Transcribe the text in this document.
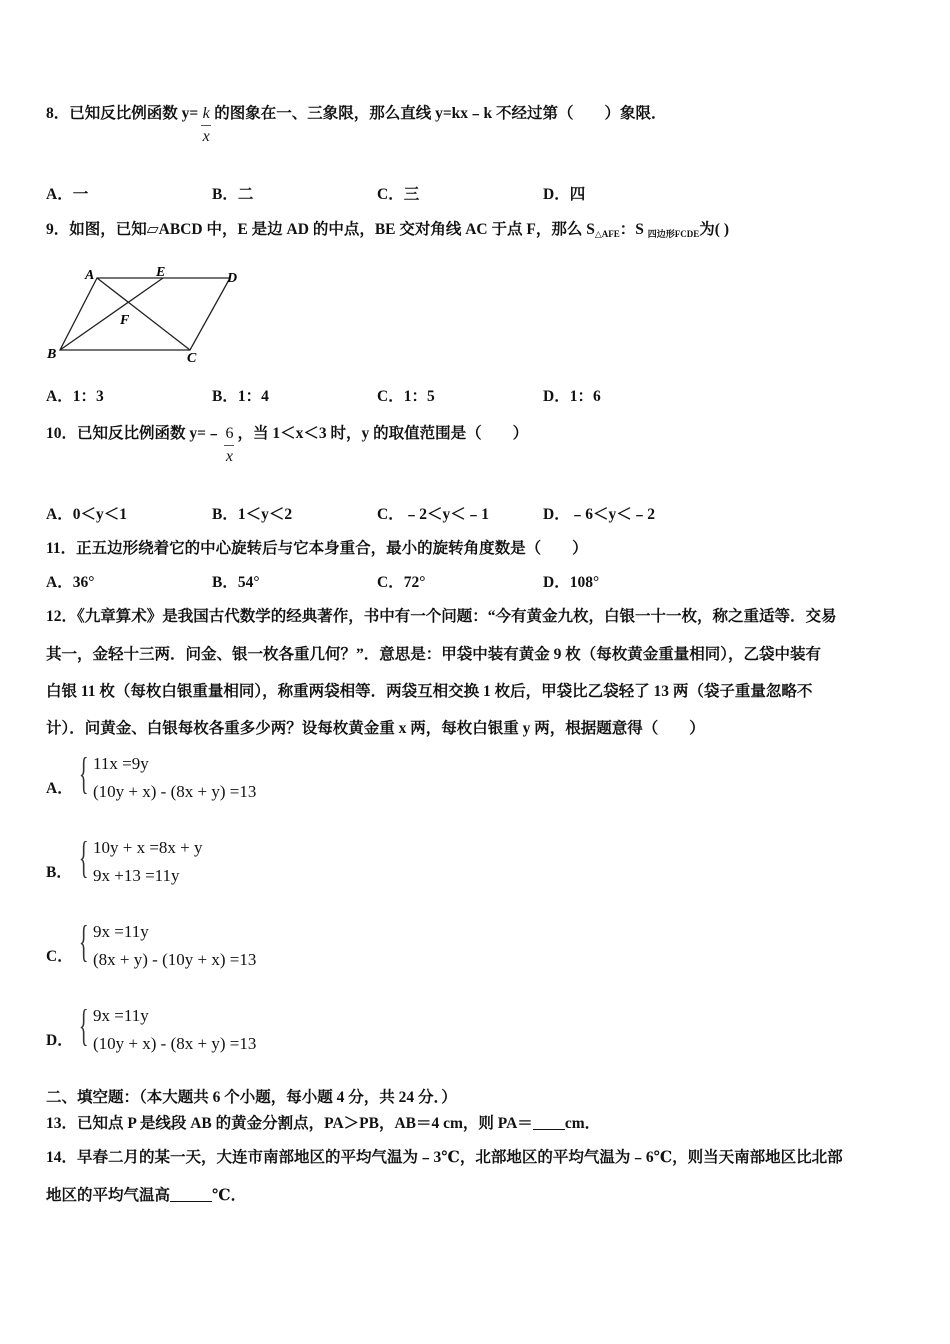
8．已知反比例函数 $y= \frac{k}{x}$ 的图象在一、三象限，那么直线 y=kx﹣k 不经过第（　　）象限．
A．一	B．二	C．三	D．四
9．如图，已知▱ABCD 中，E 是边 AD 的中点，BE 交对角线 AC 于点 F，那么 $S_{\triangle AFE}$：S $_{四边形FCDE}$为( )
A	E	D
F
B	C
A．1：3	B．1：4	C．1：5	D．1：6
10．已知反比例函数 y=﹣ $\frac{6}{x}$ ，当 1＜x＜3 时，y 的取值范围是（　　）
A．0＜y＜1	B．1＜y＜2	C．﹣2＜y＜﹣1	D．﹣6＜y＜﹣2
11．正五边形绕着它的中心旋转后与它本身重合，最小的旋转角度数是（　　）
A．36°	B．54°	C．72°	D．108°
12．《九章算术》是我国古代数学的经典著作，书中有一个问题：“今有黄金九枚，白银一十一枚，称之重适等．交易
其一，金轻十三两．问金、银一枚各重几何？”．意思是：甲袋中装有黄金 9 枚（每枚黄金重量相同），乙袋中装有
白银 11 枚（每枚白银重量相同），称重两袋相等．两袋互相交换 1 枚后，甲袋比乙袋轻了 13 两（袋子重量忽略不
计）．问黄金、白银每枚各重多少两？设每枚黄金重 x 两，每枚白银重 y 两，根据题意得（　　）
A． { 11x =9y
(10y + x) - (8x + y) =13
B． { 10y + x =8x + y
9x +13 =11y
C． { 9x =11y
(8x + y) - (10y + x) =13
D． { 9x =11y
(10y + x) - (8x + y) =13
二、填空题：（本大题共 6 个小题，每小题 4 分，共 24 分．）
13．已知点 P 是线段 AB 的黄金分割点，PA＞PB，AB＝4 cm，则 PA＝ cm．
14．早春二月的某一天，大连市南部地区的平均气温为﹣3℃，北部地区的平均气温为﹣6℃，则当天南部地区比北部
地区的平均气温高	℃．
